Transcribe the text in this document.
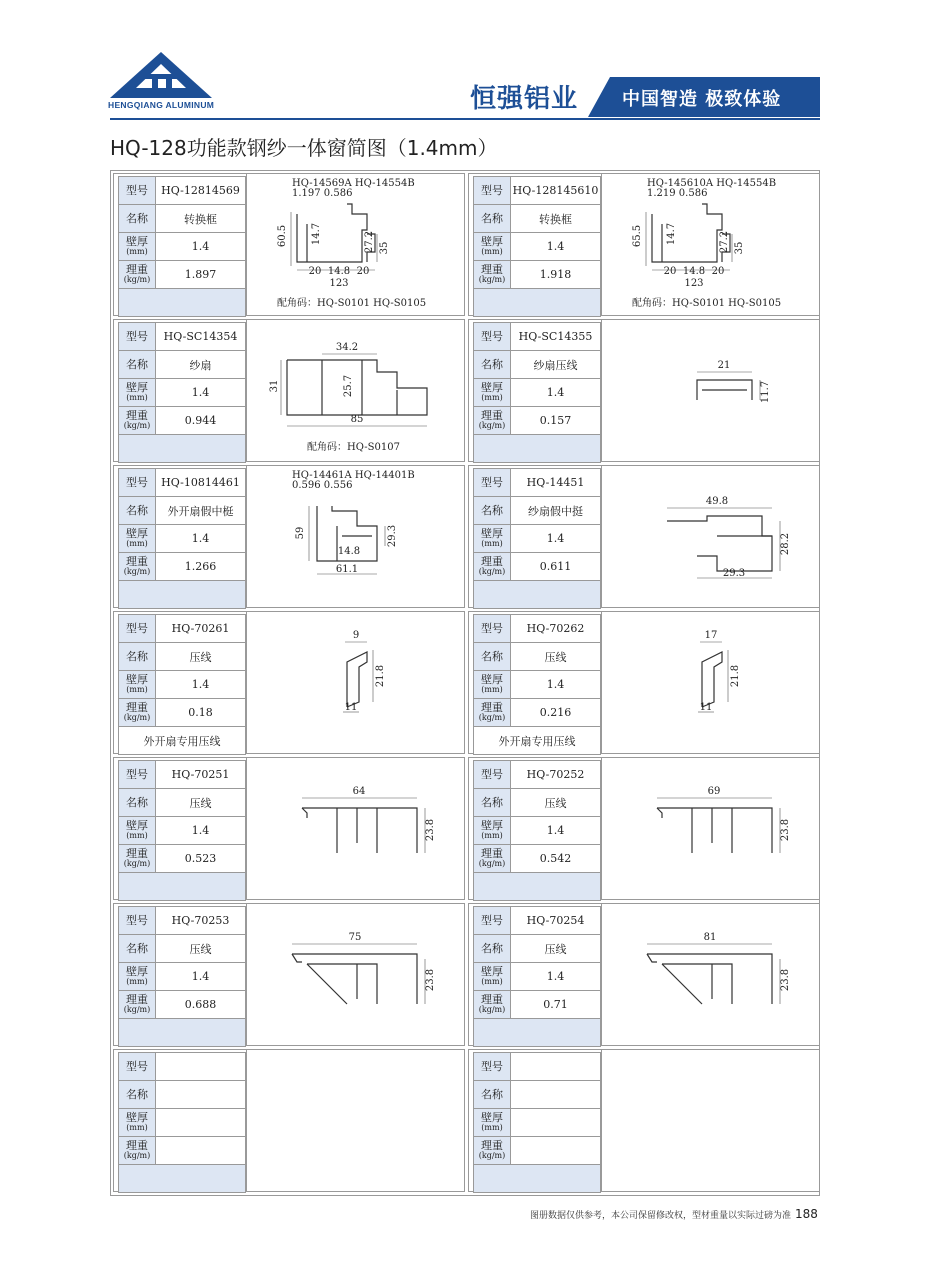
HENGQIANG ALUMINUM	恒强铝业 中国智造 极致体验
HQ-128功能款钢纱一体窗简图（1.4mm）
型号	HQ-12814569
名称	转换框
壁厚
(mm)	1.4
理重
(kg/m)	1.897

HQ-14569A HQ-14554B
1.197 0.586
60.5 14.7	27.2 35
20 14.8 20
123
配角码：HQ-S0101 HQ-S0105
型号	HQ-128145610
名称	转换框
壁厚
(mm)	1.4
理重
(kg/m)	1.918

HQ-145610A HQ-14554B
1.219 0.586
65.5 14.7	27.2 35
20 14.8 20
123
配角码：HQ-S0101 HQ-S0105
型号	HQ-SC14354
名称	纱扇
壁厚
(mm)	1.4
理重
(kg/m)	0.944

34.2
31	25.7
85
配角码：HQ-S0107
型号	HQ-SC14355
名称	纱扇压线
壁厚
(mm)	1.4
理重
(kg/m)	0.157

21
11.7
型号	HQ-10814461
名称	外开扇假中梃
壁厚
(mm)	1.4
理重
(kg/m)	1.266

HQ-14461A HQ-14401B
0.596 0.556
59	29.3
14.8
61.1
型号	HQ-14451
名称	纱扇假中挺
壁厚
(mm)	1.4
理重
(kg/m)	0.611

49.8
28.2
29.3
型号	HQ-70261
名称	压线
壁厚
(mm)	1.4
理重
(kg/m)	0.18
外开扇专用压线	
9
21.8
11
型号	HQ-70262
名称	压线
壁厚
(mm)	1.4
理重
(kg/m)	0.216
外开扇专用压线	
17
21.8
11
型号	HQ-70251
名称	压线
壁厚
(mm)	1.4
理重
(kg/m)	0.523

64
23.8
型号	HQ-70252
名称	压线
壁厚
(mm)	1.4
理重
(kg/m)	0.542

69
23.8
型号	HQ-70253
名称	压线
壁厚
(mm)	1.4
理重
(kg/m)	0.688

75
23.8
型号	HQ-70254
名称	压线
壁厚
(mm)	1.4
理重
(kg/m)	0.71

81
23.8
型号	
名称	
壁厚
(mm)	

理重
(kg/m)	

型号	
名称	
壁厚
(mm)	

理重
(kg/m)	

图册数据仅供参考，本公司保留修改权，型材重量以实际过磅为准 188
